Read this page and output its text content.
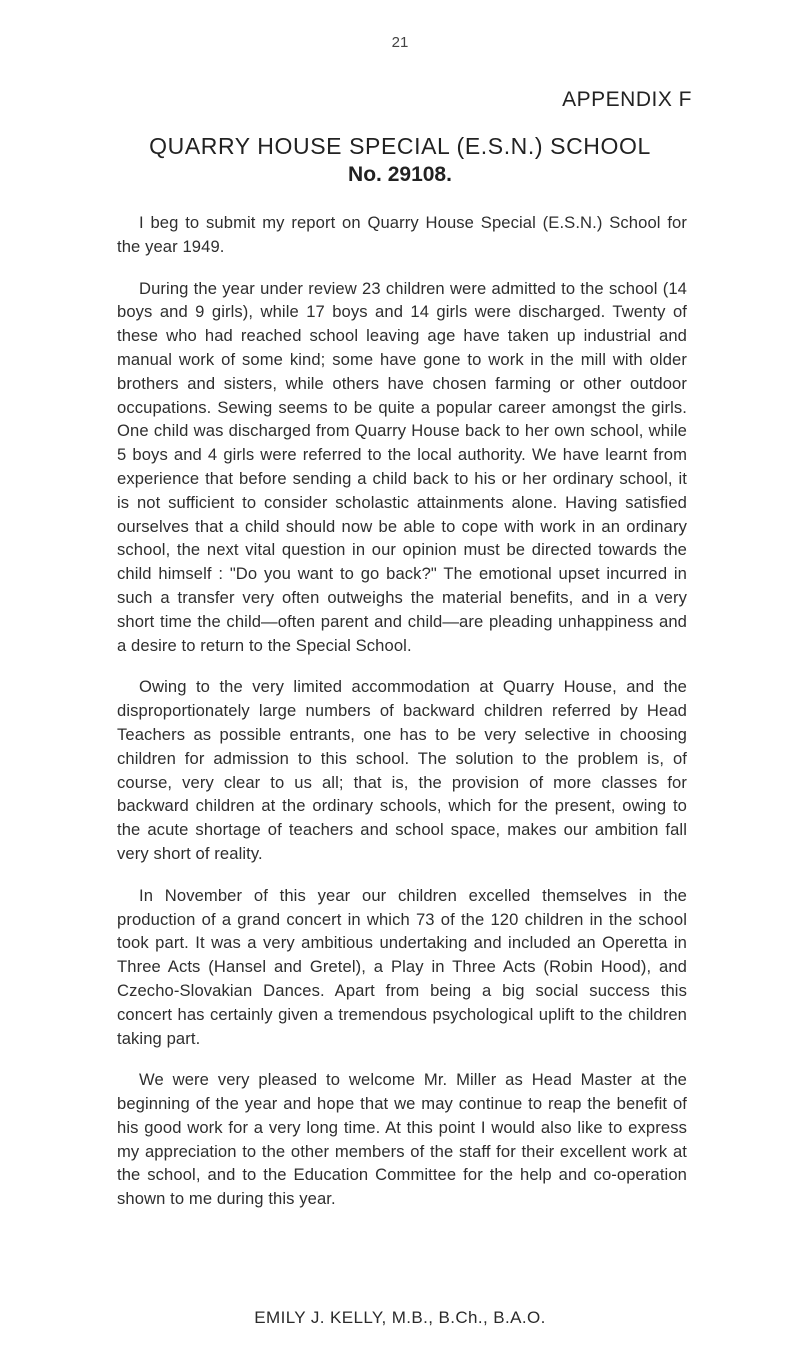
21
APPENDIX F
QUARRY HOUSE SPECIAL (E.S.N.) SCHOOL
No. 29108.

I beg to submit my report on Quarry House Special (E.S.N.) School for the year 1949.

During the year under review 23 children were admitted to the school (14 boys and 9 girls), while 17 boys and 14 girls were discharged. Twenty of these who had reached school leaving age have taken up industrial and manual work of some kind; some have gone to work in the mill with older brothers and sisters, while others have chosen farming or other outdoor occupations. Sewing seems to be quite a popular career amongst the girls. One child was discharged from Quarry House back to her own school, while 5 boys and 4 girls were referred to the local authority. We have learnt from experience that before sending a child back to his or her ordinary school, it is not sufficient to consider scholastic attainments alone. Having satisfied ourselves that a child should now be able to cope with work in an ordinary school, the next vital question in our opinion must be directed towards the child himself : "Do you want to go back?" The emotional upset incurred in such a transfer very often outweighs the material benefits, and in a very short time the child—often parent and child—are pleading unhappiness and a desire to return to the Special School.

Owing to the very limited accommodation at Quarry House, and the disproportionately large numbers of backward children referred by Head Teachers as possible entrants, one has to be very selective in choosing children for admission to this school. The solution to the problem is, of course, very clear to us all; that is, the provision of more classes for backward children at the ordinary schools, which for the present, owing to the acute shortage of teachers and school space, makes our ambition fall very short of reality.

In November of this year our children excelled themselves in the production of a grand concert in which 73 of the 120 children in the school took part. It was a very ambitious undertaking and included an Operetta in Three Acts (Hansel and Gretel), a Play in Three Acts (Robin Hood), and Czecho-Slovakian Dances. Apart from being a big social success this concert has certainly given a tremendous psychological uplift to the children taking part.

We were very pleased to welcome Mr. Miller as Head Master at the beginning of the year and hope that we may continue to reap the benefit of his good work for a very long time. At this point I would also like to express my appreciation to the other members of the staff for their excellent work at the school, and to the Education Committee for the help and co-operation shown to me during this year.

EMILY J. KELLY, M.B., B.Ch., B.A.O.
